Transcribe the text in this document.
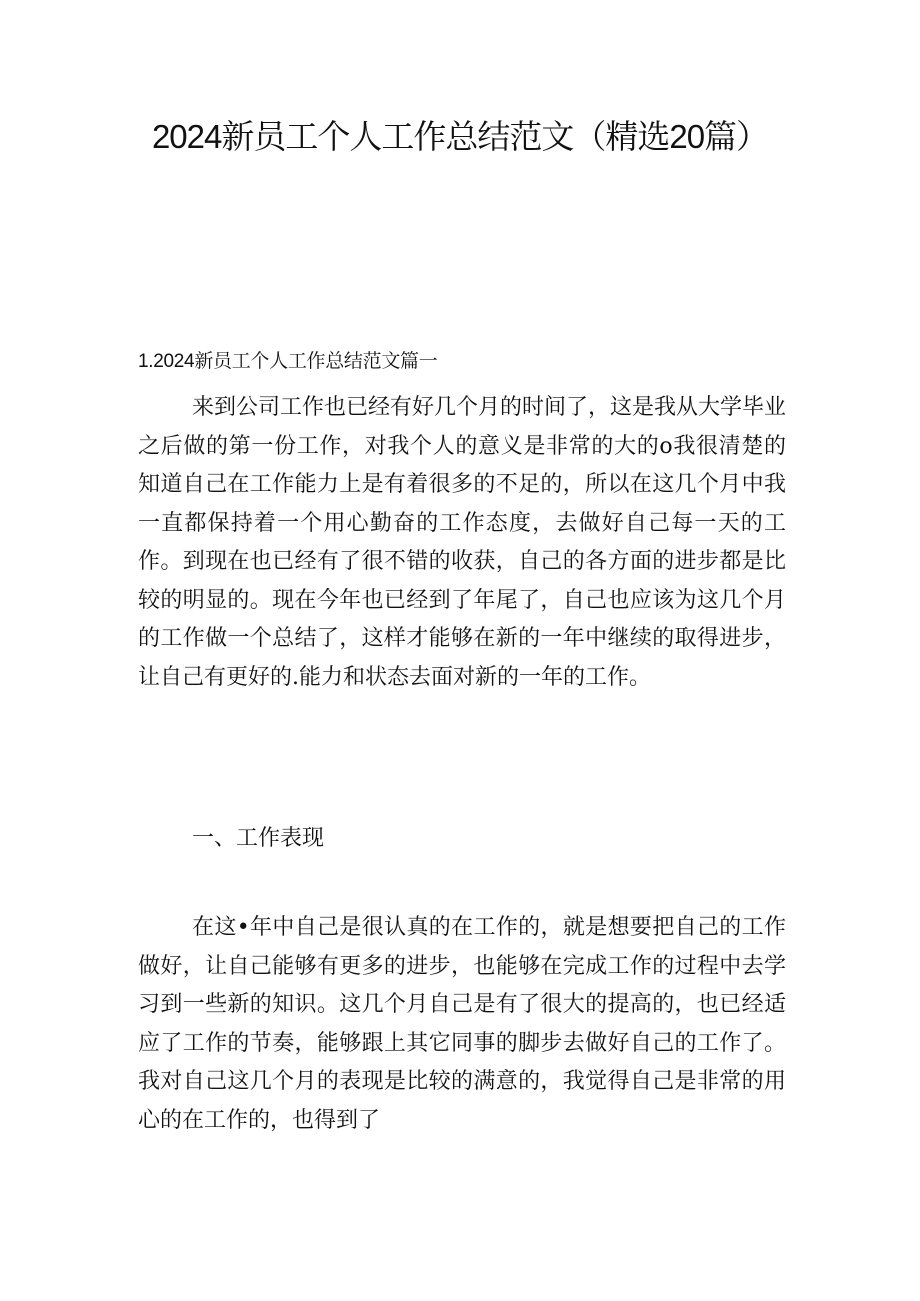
2024新员工个人工作总结范文（精选20篇）
1.2024新员工个人工作总结范文篇一

来到公司工作也已经有好几个月的时间了，这是我从大学毕业之后做的第一份工作，对我个人的意义是非常的大的o我很清楚的知道自己在工作能力上是有着很多的不足的，所以在这几个月中我一直都保持着一个用心勤奋的工作态度，去做好自己每一天的工作。到现在也已经有了很不错的收获，自己的各方面的进步都是比较的明显的。现在今年也已经到了年尾了，自己也应该为这几个月的工作做一个总结了，这样才能够在新的一年中继续的取得进步，让自己有更好的.能力和状态去面对新的一年的工作。

一、工作表现

在这•年中自己是很认真的在工作的，就是想要把自己的工作做好，让自己能够有更多的进步，也能够在完成工作的过程中去学习到一些新的知识。这几个月自己是有了很大的提高的，也已经适应了工作的节奏，能够跟上其它同事的脚步去做好自己的工作了。我对自己这几个月的表现是比较的满意的，我觉得自己是非常的用心的在工作的，也得到了
